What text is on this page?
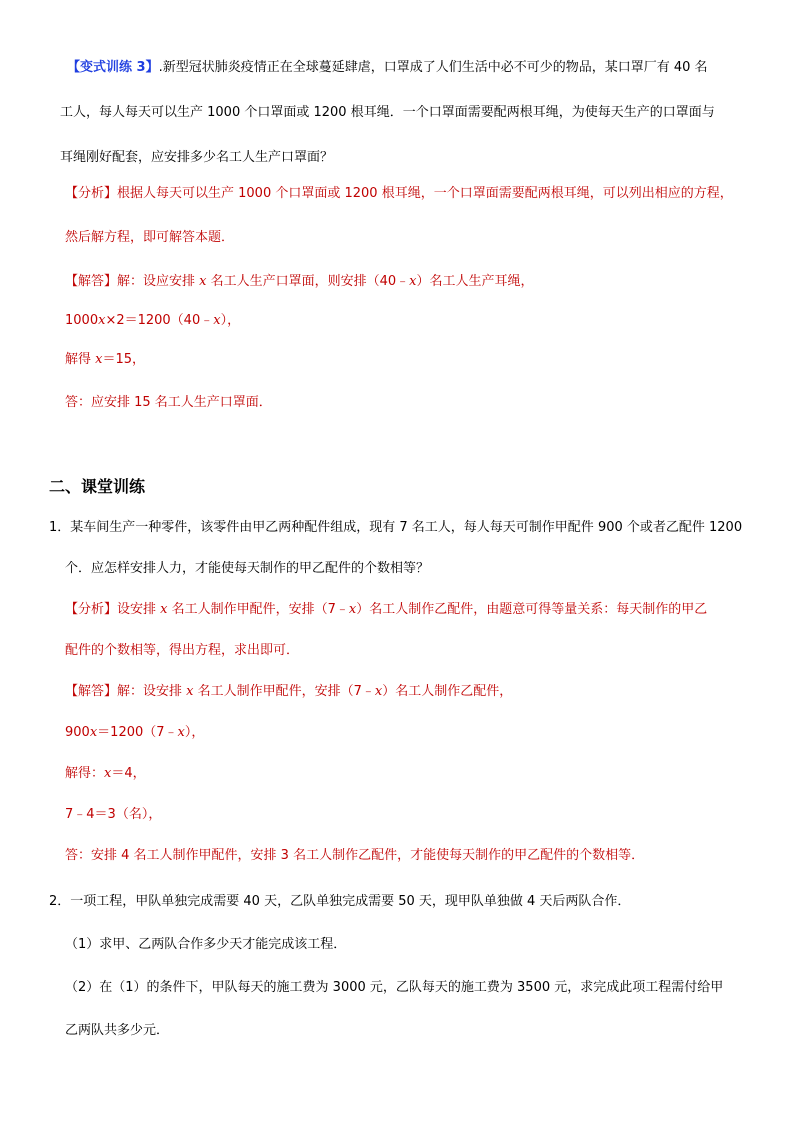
【变式训练 3】.新型冠状肺炎疫情正在全球蔓延肆虐，口罩成了人们生活中必不可少的物品，某口罩厂有 40 名
工人，每人每天可以生产 1000 个口罩面或 1200 根耳绳．一个口罩面需要配两根耳绳，为使每天生产的口罩面与
耳绳刚好配套，应安排多少名工人生产口罩面？
【分析】根据人每天可以生产 1000 个口罩面或 1200 根耳绳，一个口罩面需要配两根耳绳，可以列出相应的方程，
然后解方程，即可解答本题．
【解答】解：设应安排 x 名工人生产口罩面，则安排（40﹣x）名工人生产耳绳，
1000x×2＝1200（40﹣x），
解得 x＝15，
答：应安排 15 名工人生产口罩面．
二、课堂训练
1．某车间生产一种零件，该零件由甲乙两种配件组成，现有 7 名工人，每人每天可制作甲配件 900 个或者乙配件 1200
个．应怎样安排人力，才能使每天制作的甲乙配件的个数相等？
【分析】设安排 x 名工人制作甲配件，安排（7﹣x）名工人制作乙配件，由题意可得等量关系：每天制作的甲乙
配件的个数相等，得出方程，求出即可．
【解答】解：设安排 x 名工人制作甲配件，安排（7﹣x）名工人制作乙配件，
900x＝1200（7﹣x），
解得：x＝4，
7﹣4＝3（名），
答：安排 4 名工人制作甲配件，安排 3 名工人制作乙配件，才能使每天制作的甲乙配件的个数相等．
2．一项工程，甲队单独完成需要 40 天，乙队单独完成需要 50 天，现甲队单独做 4 天后两队合作．
（1）求甲、乙两队合作多少天才能完成该工程．
（2）在（1）的条件下，甲队每天的施工费为 3000 元，乙队每天的施工费为 3500 元，求完成此项工程需付给甲
乙两队共多少元．
